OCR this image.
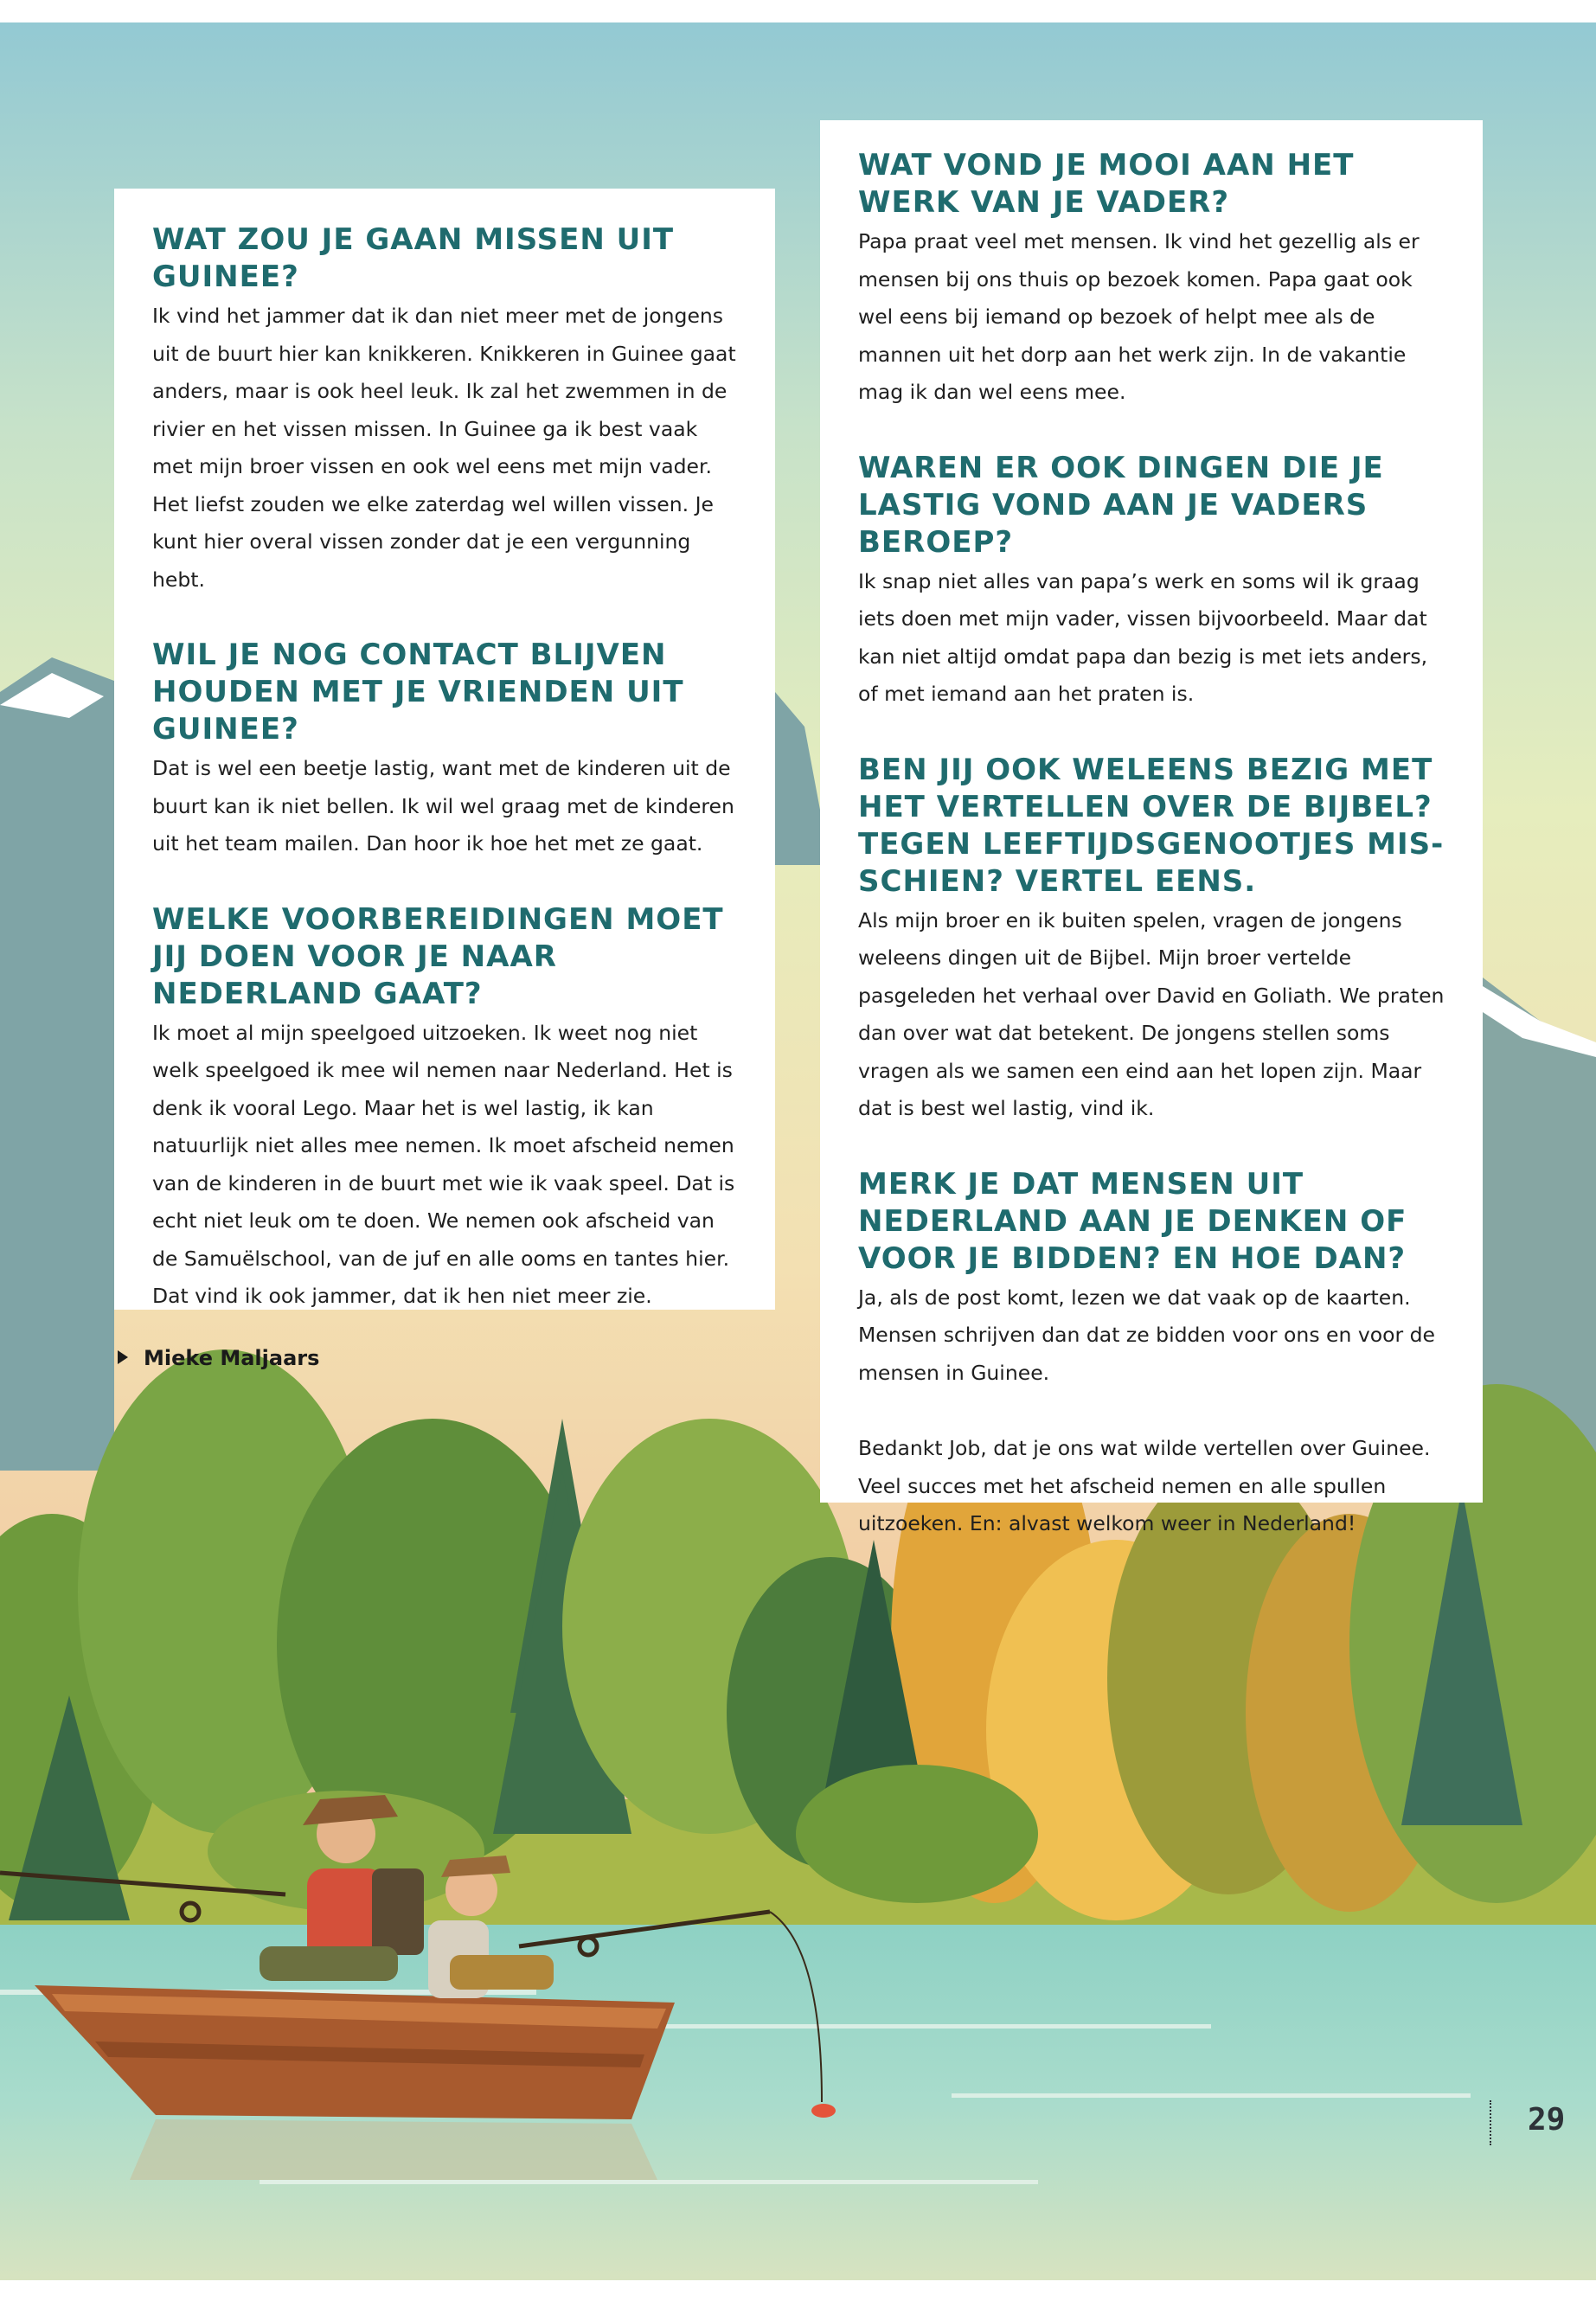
WAT ZOU JE GAAN MISSEN UIT GUINEE?

Ik vind het jammer dat ik dan niet meer met de jongens uit de buurt hier kan knikkeren. Knikkeren in Guinee gaat anders, maar is ook heel leuk. Ik zal het zwemmen in de rivier en het vissen missen. In Guinee ga ik best vaak met mijn broer vissen en ook wel eens met mijn vader. Het liefst zouden we elke zaterdag wel willen vissen. Je kunt hier overal vissen zonder dat je een vergunning hebt.

WIL JE NOG CONTACT BLIJVEN HOUDEN MET JE VRIENDEN UIT GUINEE?

Dat is wel een beetje lastig, want met de kinderen uit de buurt kan ik niet bellen. Ik wil wel graag met de kinderen uit het team mailen. Dan hoor ik hoe het met ze gaat.

WELKE VOORBEREIDINGEN MOET JIJ DOEN VOOR JE NAAR NEDERLAND GAAT?

Ik moet al mijn speelgoed uitzoeken. Ik weet nog niet welk speelgoed ik mee wil nemen naar Nederland. Het is denk ik vooral Lego. Maar het is wel lastig, ik kan natuurlijk niet alles mee nemen. Ik moet afscheid nemen van de kinderen in de buurt met wie ik vaak speel. Dat is echt niet leuk om te doen. We nemen ook afscheid van de Samuëlschool, van de juf en alle ooms en tantes hier. Dat vind ik ook jammer, dat ik hen niet meer zie.

Mieke Maljaars
WAT VOND JE MOOI AAN HET WERK VAN JE VADER?

Papa praat veel met mensen. Ik vind het gezellig als er mensen bij ons thuis op bezoek komen. Papa gaat ook wel eens bij iemand op bezoek of helpt mee als de mannen uit het dorp aan het werk zijn. In de vakantie mag ik dan wel eens mee.

WAREN ER OOK DINGEN DIE JE LASTIG VOND AAN JE VADERS BEROEP?

Ik snap niet alles van papa’s werk en soms wil ik graag iets doen met mijn vader, vissen bijvoorbeeld. Maar dat kan niet altijd omdat papa dan bezig is met iets anders, of met iemand aan het praten is.

BEN JIJ OOK WELEENS BEZIG MET HET VERTELLEN OVER DE BIJBEL? TEGEN LEEFTIJDSGENOOTJES MIS- SCHIEN? VERTEL EENS.

Als mijn broer en ik buiten spelen, vragen de jongens weleens dingen uit de Bijbel. Mijn broer vertelde pasgeleden het verhaal over David en Goliath. We praten dan over wat dat betekent. De jongens stellen soms vragen als we samen een eind aan het lopen zijn. Maar dat is best wel lastig, vind ik.

MERK JE DAT MENSEN UIT NEDERLAND AAN JE DENKEN OF VOOR JE BIDDEN? EN HOE DAN?

Ja, als de post komt, lezen we dat vaak op de kaarten. Mensen schrijven dan dat ze bidden voor ons en voor de mensen in Guinee.

Bedankt Job, dat je ons wat wilde vertellen over Guinee. Veel succes met het afscheid nemen en alle spullen uitzoeken. En: alvast welkom weer in Nederland!

29
